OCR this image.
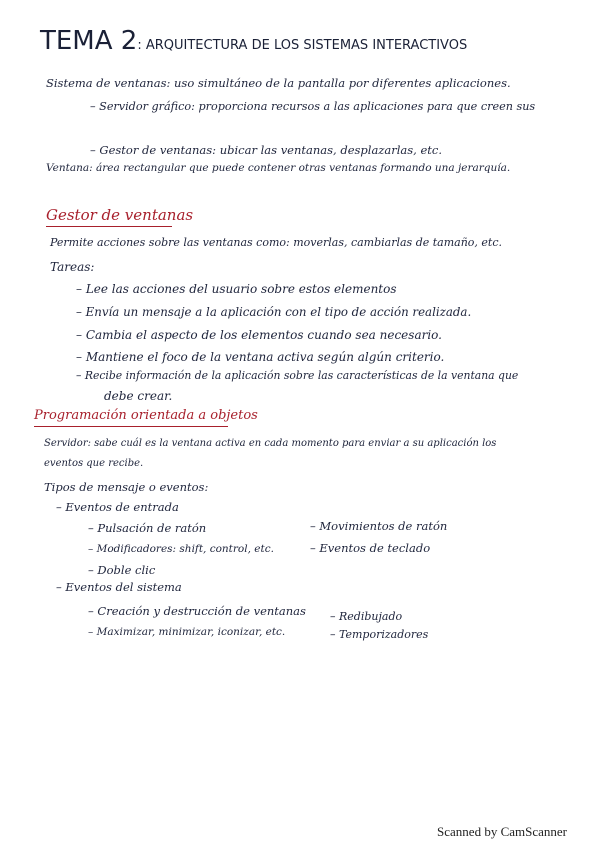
TEMA 2: ARQUITECTURA DE LOS SISTEMAS INTERACTIVOS
Sistema de ventanas: uso simultáneo de la pantalla por diferentes aplicaciones.
– Servidor gráfico: proporciona recursos a las aplicaciones para que creen sus
– Gestor de ventanas: ubicar las ventanas, desplazarlas, etc.
Ventana: área rectangular que puede contener otras ventanas formando una jerarquía.
Gestor de ventanas
Permite acciones sobre las ventanas como: moverlas, cambiarlas de tamaño, etc.
Tareas:
– Lee las acciones del usuario sobre estos elementos
– Envía un mensaje a la aplicación con el tipo de acción realizada.
– Cambia el aspecto de los elementos cuando sea necesario.
– Mantiene el foco de la ventana activa según algún criterio.
– Recibe información de la aplicación sobre las características de la ventana que
debe crear.
Programación orientada a objetos
Servidor: sabe cuál es la ventana activa en cada momento para enviar a su aplicación los
eventos que recibe.
Tipos de mensaje o eventos:
– Eventos de entrada
– Pulsación de ratón	– Movimientos de ratón
– Modificadores: shift, control, etc.	– Eventos de teclado
– Doble clic
– Eventos del sistema
– Creación y destrucción de ventanas – Redibujado
– Maximizar, minimizar, iconizar, etc.	– Temporizadores
Scanned by CamScanner
